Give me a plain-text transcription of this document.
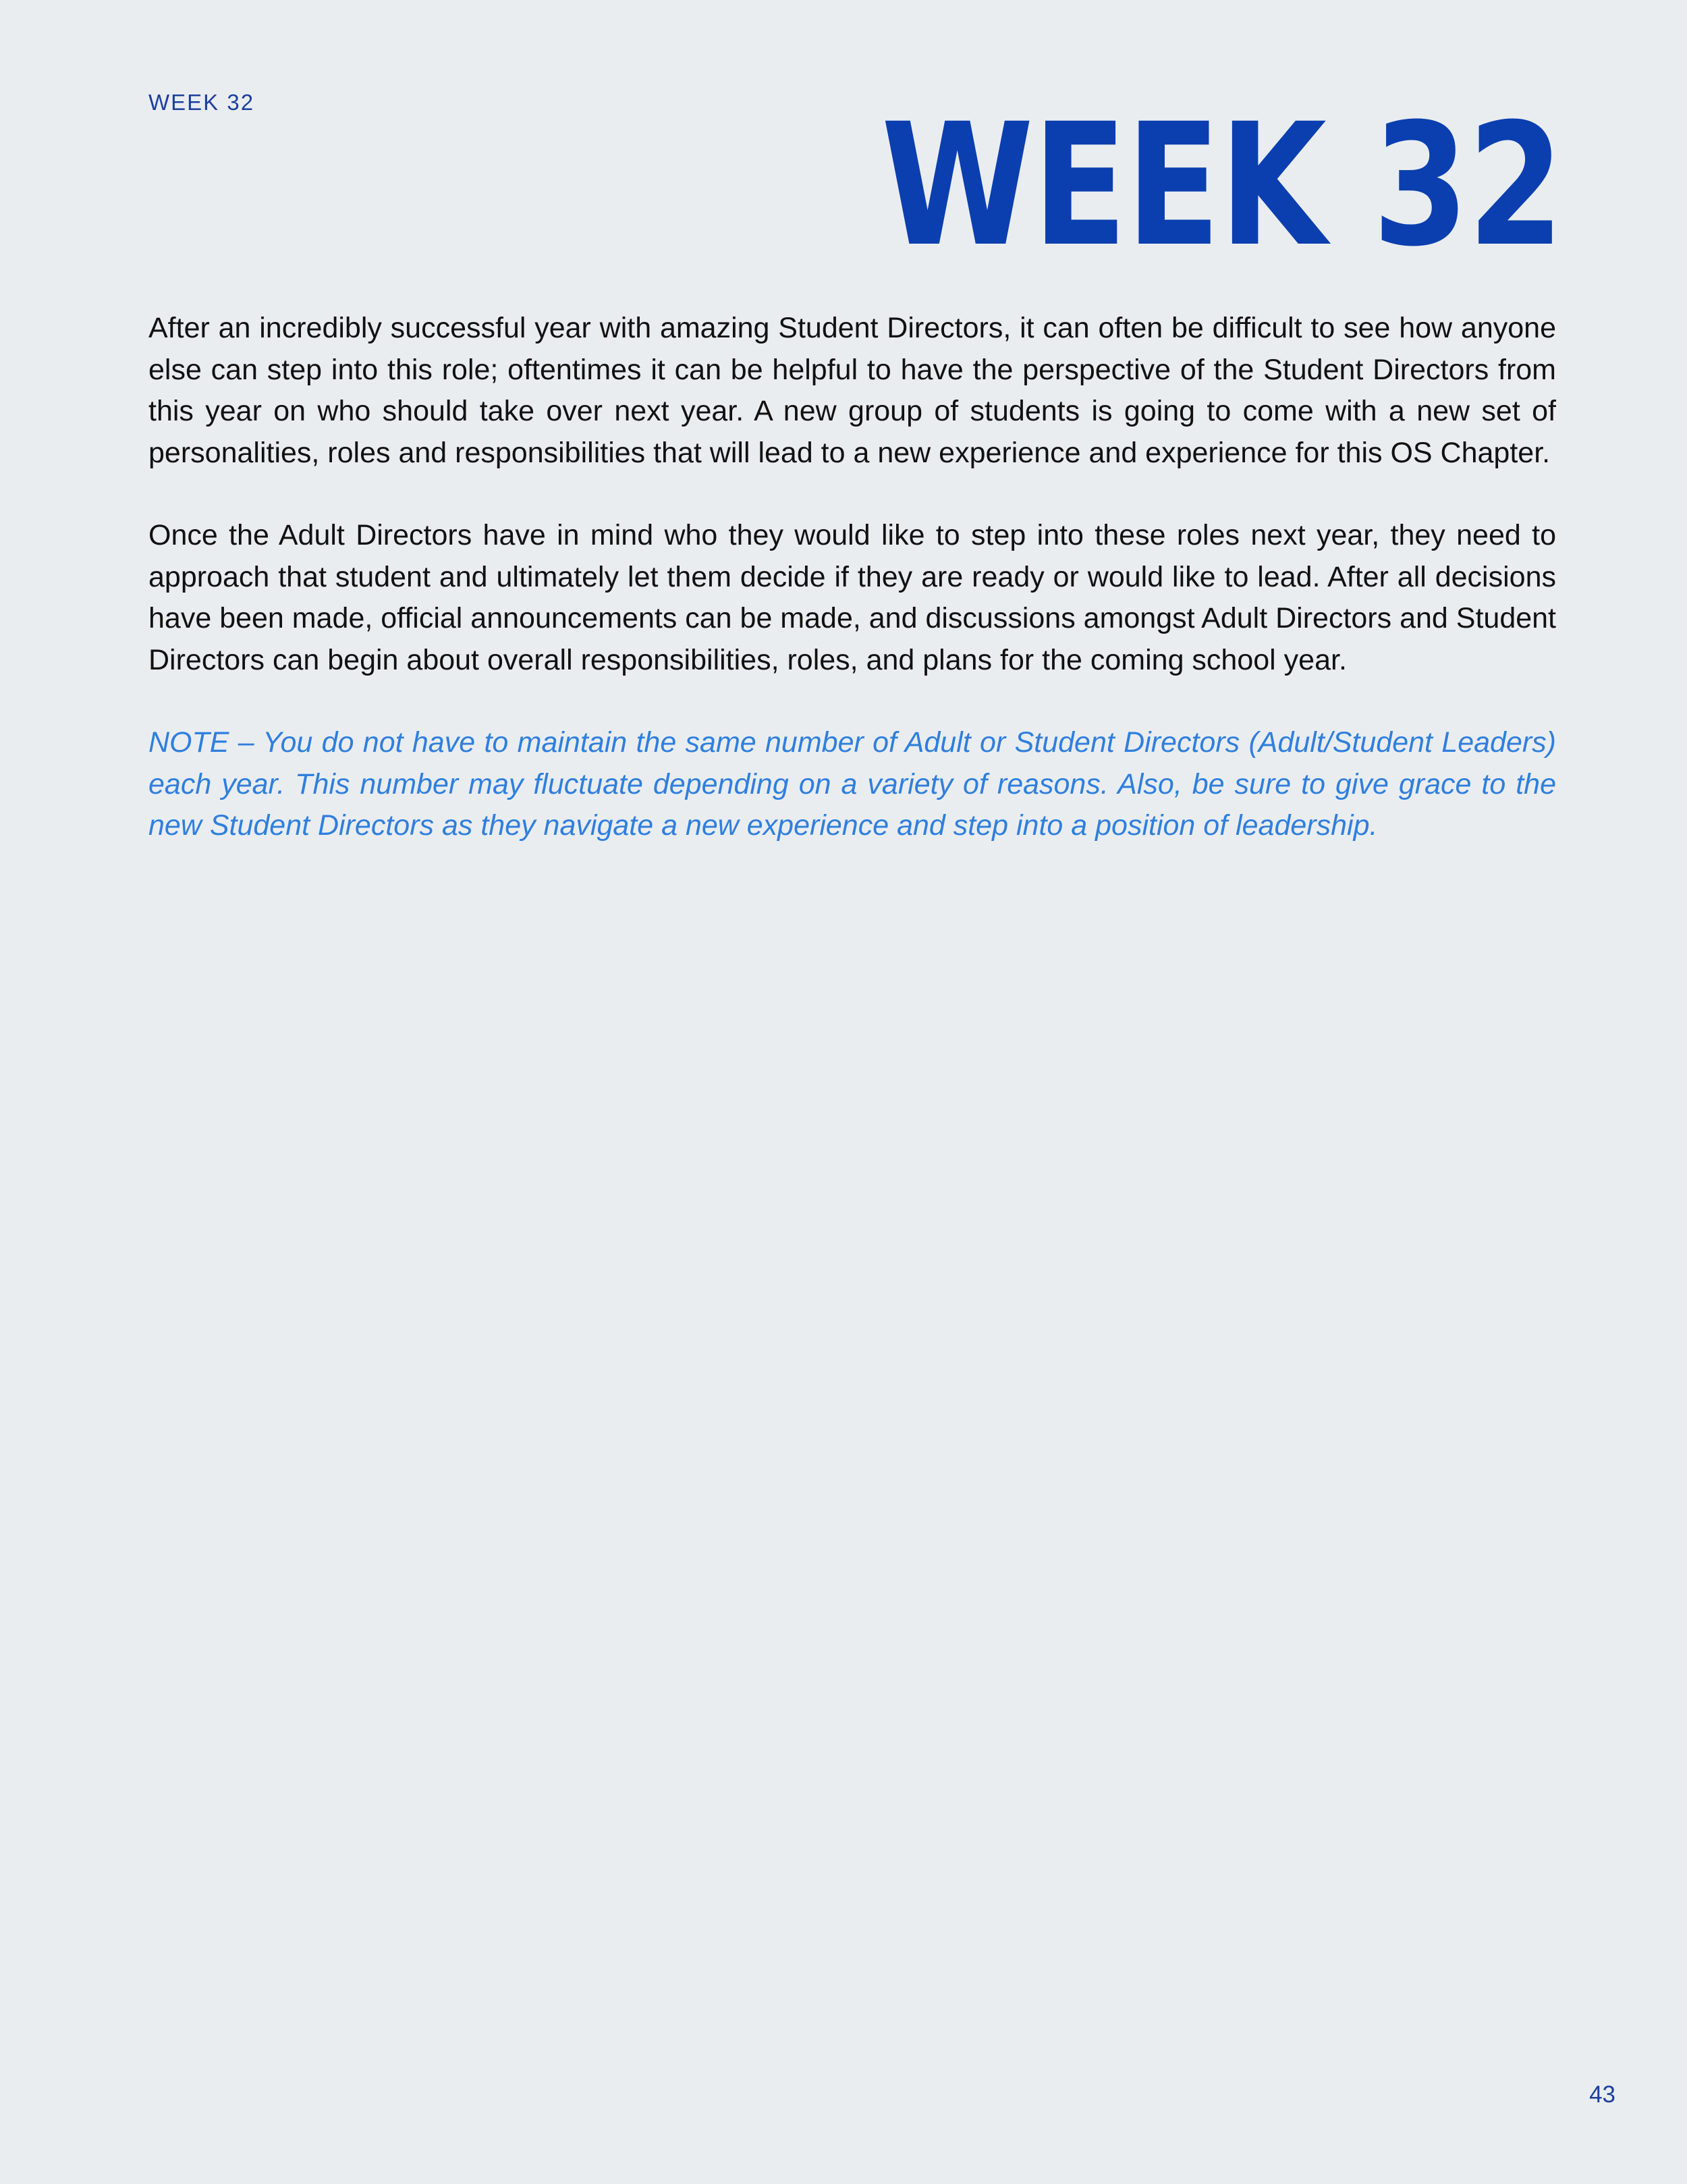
WEEK 32	WEEK 32

After an incredibly successful year with amazing Student Directors, it can often be difficult to see how anyone else can step into this role; oftentimes it can be helpful to have the perspective of the Student Directors from this year on who should take over next year. A new group of students is going to come with a new set of personalities, roles and responsibilities that will lead to a new experience and experience for this OS Chapter.

Once the Adult Directors have in mind who they would like to step into these roles next year, they need to approach that student and ultimately let them decide if they are ready or would like to lead. After all decisions have been made, official announcements can be made, and discussions amongst Adult Directors and Student Directors can begin about overall responsibilities, roles, and plans for the coming school year.

NOTE – You do not have to maintain the same number of Adult or Student Directors (Adult/Student Leaders) each year. This number may fluctuate depending on a variety of reasons. Also, be sure to give grace to the new Student Directors as they navigate a new experience and step into a position of leadership.

43
